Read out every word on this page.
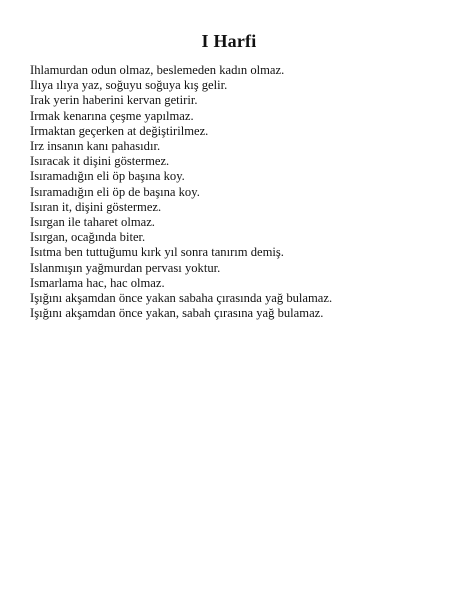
I Harfi
Ihlamurdan odun olmaz, beslemeden kadın olmaz.
Ilıya ılıya yaz, soğuyu soğuya kış gelir.
Irak yerin haberini kervan getirir.
Irmak kenarına çeşme yapılmaz.
Irmaktan geçerken at değiştirilmez.
Irz insanın kanı pahasıdır.
Isıracak it dişini göstermez.
Isıramadığın eli öp başına koy.
Isıramadığın eli öp de başına koy.
Isıran it, dişini göstermez.
Isırgan ile taharet olmaz.
Isırgan, ocağında biter.
Isıtma ben tuttuğumu kırk yıl sonra tanırım demiş.
Islanmışın yağmurdan pervası yoktur.
Ismarlama hac, hac olmaz.
Işığını akşamdan önce yakan sabaha çırasında yağ bulamaz.
Işığını akşamdan önce yakan, sabah çırasına yağ bulamaz.
